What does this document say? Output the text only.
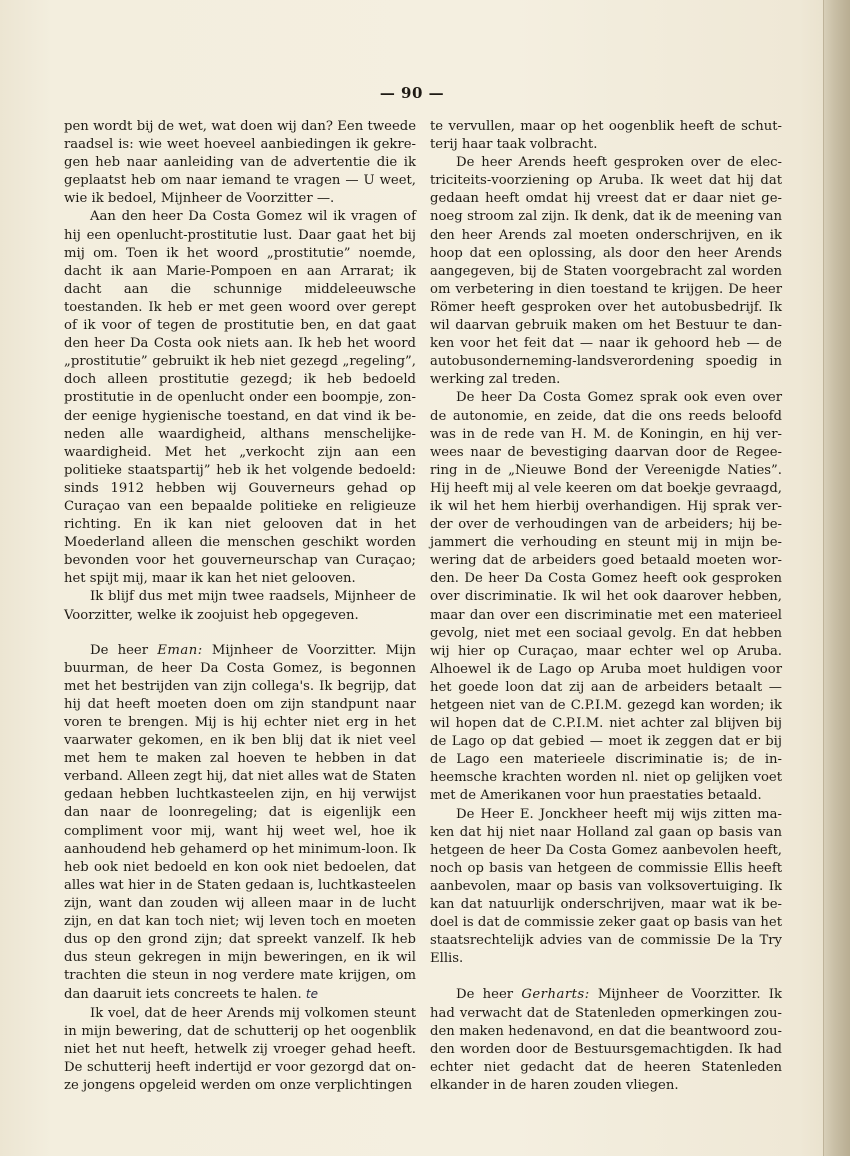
— 90 —

pen wordt bij de wet, wat doen wij dan? Een tweede raadsel is: wie weet hoeveel aanbiedingen ik gekregen heb naar aanleiding van de advertentie die ik geplaatst heb om naar iemand te vragen — U weet, wie ik bedoel, Mijnheer de Voorzitter —.

Aan den heer Da Costa Gomez wil ik vragen of hij een openlucht-prostitutie lust. Daar gaat het bij mij om. Toen ik het woord „prostitutie” noemde, dacht ik aan Marie-Pompoen en aan Arrarat; ik dacht aan die schunnige middeleeuwsche toestanden. Ik heb er met geen woord over gerept of ik voor of tegen de prostitutie ben, en dat gaat den heer Da Costa ook niets aan. Ik heb het woord „prostitutie” gebruikt ik heb niet gezegd „regeling”, doch alleen prostitutie gezegd; ik heb bedoeld prostitutie in de openlucht onder een boompje, zonder eenige hygienische toestand, en dat vind ik beneden alle waardigheid, althans menschelijke- waardigheid. Met het „verkocht zijn aan een politieke staatspartij” heb ik het volgende bedoeld: sinds 1912 hebben wij Gouverneurs gehad op Curaçao van een bepaalde politieke en religieuze richting. En ik kan niet gelooven dat in het Moederland alleen die menschen geschikt worden bevonden voor het gouverneurschap van Curaçao; het spijt mij, maar ik kan het niet gelooven.

Ik blijf dus met mijn twee raadsels, Mijnheer de Voorzitter, welke ik zoojuist heb opgegeven.

De heer Eman: Mijnheer de Voorzitter. Mijn buurman, de heer Da Costa Gomez, is begonnen met het bestrijden van zijn collega's. Ik begrijp, dat hij dat heeft moeten doen om zijn standpunt naar voren te brengen. Mij is hij echter niet erg in het vaarwater gekomen, en ik ben blij dat ik niet veel met hem te maken zal hoeven te hebben in dat verband. Alleen zegt hij, dat niet alles wat de Staten gedaan hebben luchtkasteelen zijn, en hij verwijst dan naar de loonregeling; dat is eigenlijk een compliment voor mij, want hij weet wel, hoe ik aanhoudend heb gehamerd op het minimum-loon. Ik heb ook niet bedoeld en kon ook niet bedoelen, dat alles wat hier in de Staten gedaan is, luchtkasteelen zijn, want dan zouden wij alleen maar in de lucht zijn, en dat kan toch niet; wij leven toch en moeten dus op den grond zijn; dat spreekt vanzelf. Ik heb dus steun gekregen in mijn beweringen, en ik wil trachten die steun in nog verdere mate krijgen, om dan daaruit iets concreets te halen. te

Ik voel, dat de heer Arends mij volkomen steunt in mijn bewering, dat de schutterij op het oogenblik niet het nut heeft, hetwelk zij vroeger gehad heeft. De schutterij heeft indertijd er voor gezorgd dat onze jongens opgeleid werden om onze verplichtingen

te vervullen, maar op het oogenblik heeft de schutterij haar taak volbracht.

De heer Arends heeft gesproken over de electriciteits-voorziening op Aruba. Ik weet dat hij dat gedaan heeft omdat hij vreest dat er daar niet genoeg stroom zal zijn. Ik denk, dat ik de meening van den heer Arends zal moeten onderschrijven, en ik hoop dat een oplossing, als door den heer Arends aangegeven, bij de Staten voorgebracht zal worden om verbetering in dien toestand te krijgen. De heer Römer heeft gesproken over het autobusbedrijf. Ik wil daarvan gebruik maken om het Bestuur te danken voor het feit dat — naar ik gehoord heb — de autobusonderneming-landsverordening spoedig in werking zal treden.

De heer Da Costa Gomez sprak ook even over de autonomie, en zeide, dat die ons reeds beloofd was in de rede van H. M. de Koningin, en hij verwees naar de bevestiging daarvan door de Regeering in de „Nieuwe Bond der Vereenigde Naties”. Hij heeft mij al vele keeren om dat boekje gevraagd, ik wil het hem hierbij overhandigen. Hij sprak verder over de verhoudingen van de arbeiders; hij bejammert die verhouding en steunt mij in mijn bewering dat de arbeiders goed betaald moeten worden. De heer Da Costa Gomez heeft ook gesproken over discriminatie. Ik wil het ook daarover hebben, maar dan over een discriminatie met een materieel gevolg, niet met een sociaal gevolg. En dat hebben wij hier op Curaçao, maar echter wel op Aruba. Alhoewel ik de Lago op Aruba moet huldigen voor het goede loon dat zij aan de arbeiders betaalt — hetgeen niet van de C.P.I.M. gezegd kan worden; ik wil hopen dat de C.P.I.M. niet achter zal blijven bij de Lago op dat gebied — moet ik zeggen dat er bij de Lago een materieele discriminatie is; de inheemsche krachten worden nl. niet op gelijken voet met de Amerikanen voor hun praestaties betaald.

De Heer E. Jonckheer heeft mij wijs zitten maken dat hij niet naar Holland zal gaan op basis van hetgeen de heer Da Costa Gomez aanbevolen heeft, noch op basis van hetgeen de commissie Ellis heeft aanbevolen, maar op basis van volksovertuiging. Ik kan dat natuurlijk onderschrijven, maar wat ik bedoel is dat de commissie zeker gaat op basis van het staatsrechtelijk advies van de commissie De la Try Ellis.

De heer Gerharts: Mijnheer de Voorzitter. Ik had verwacht dat de Statenleden opmerkingen zouden maken hedenavond, en dat die beantwoord zouden worden door de Bestuursgemachtigden. Ik had echter niet gedacht dat de heeren Statenleden elkander in de haren zouden vliegen.
